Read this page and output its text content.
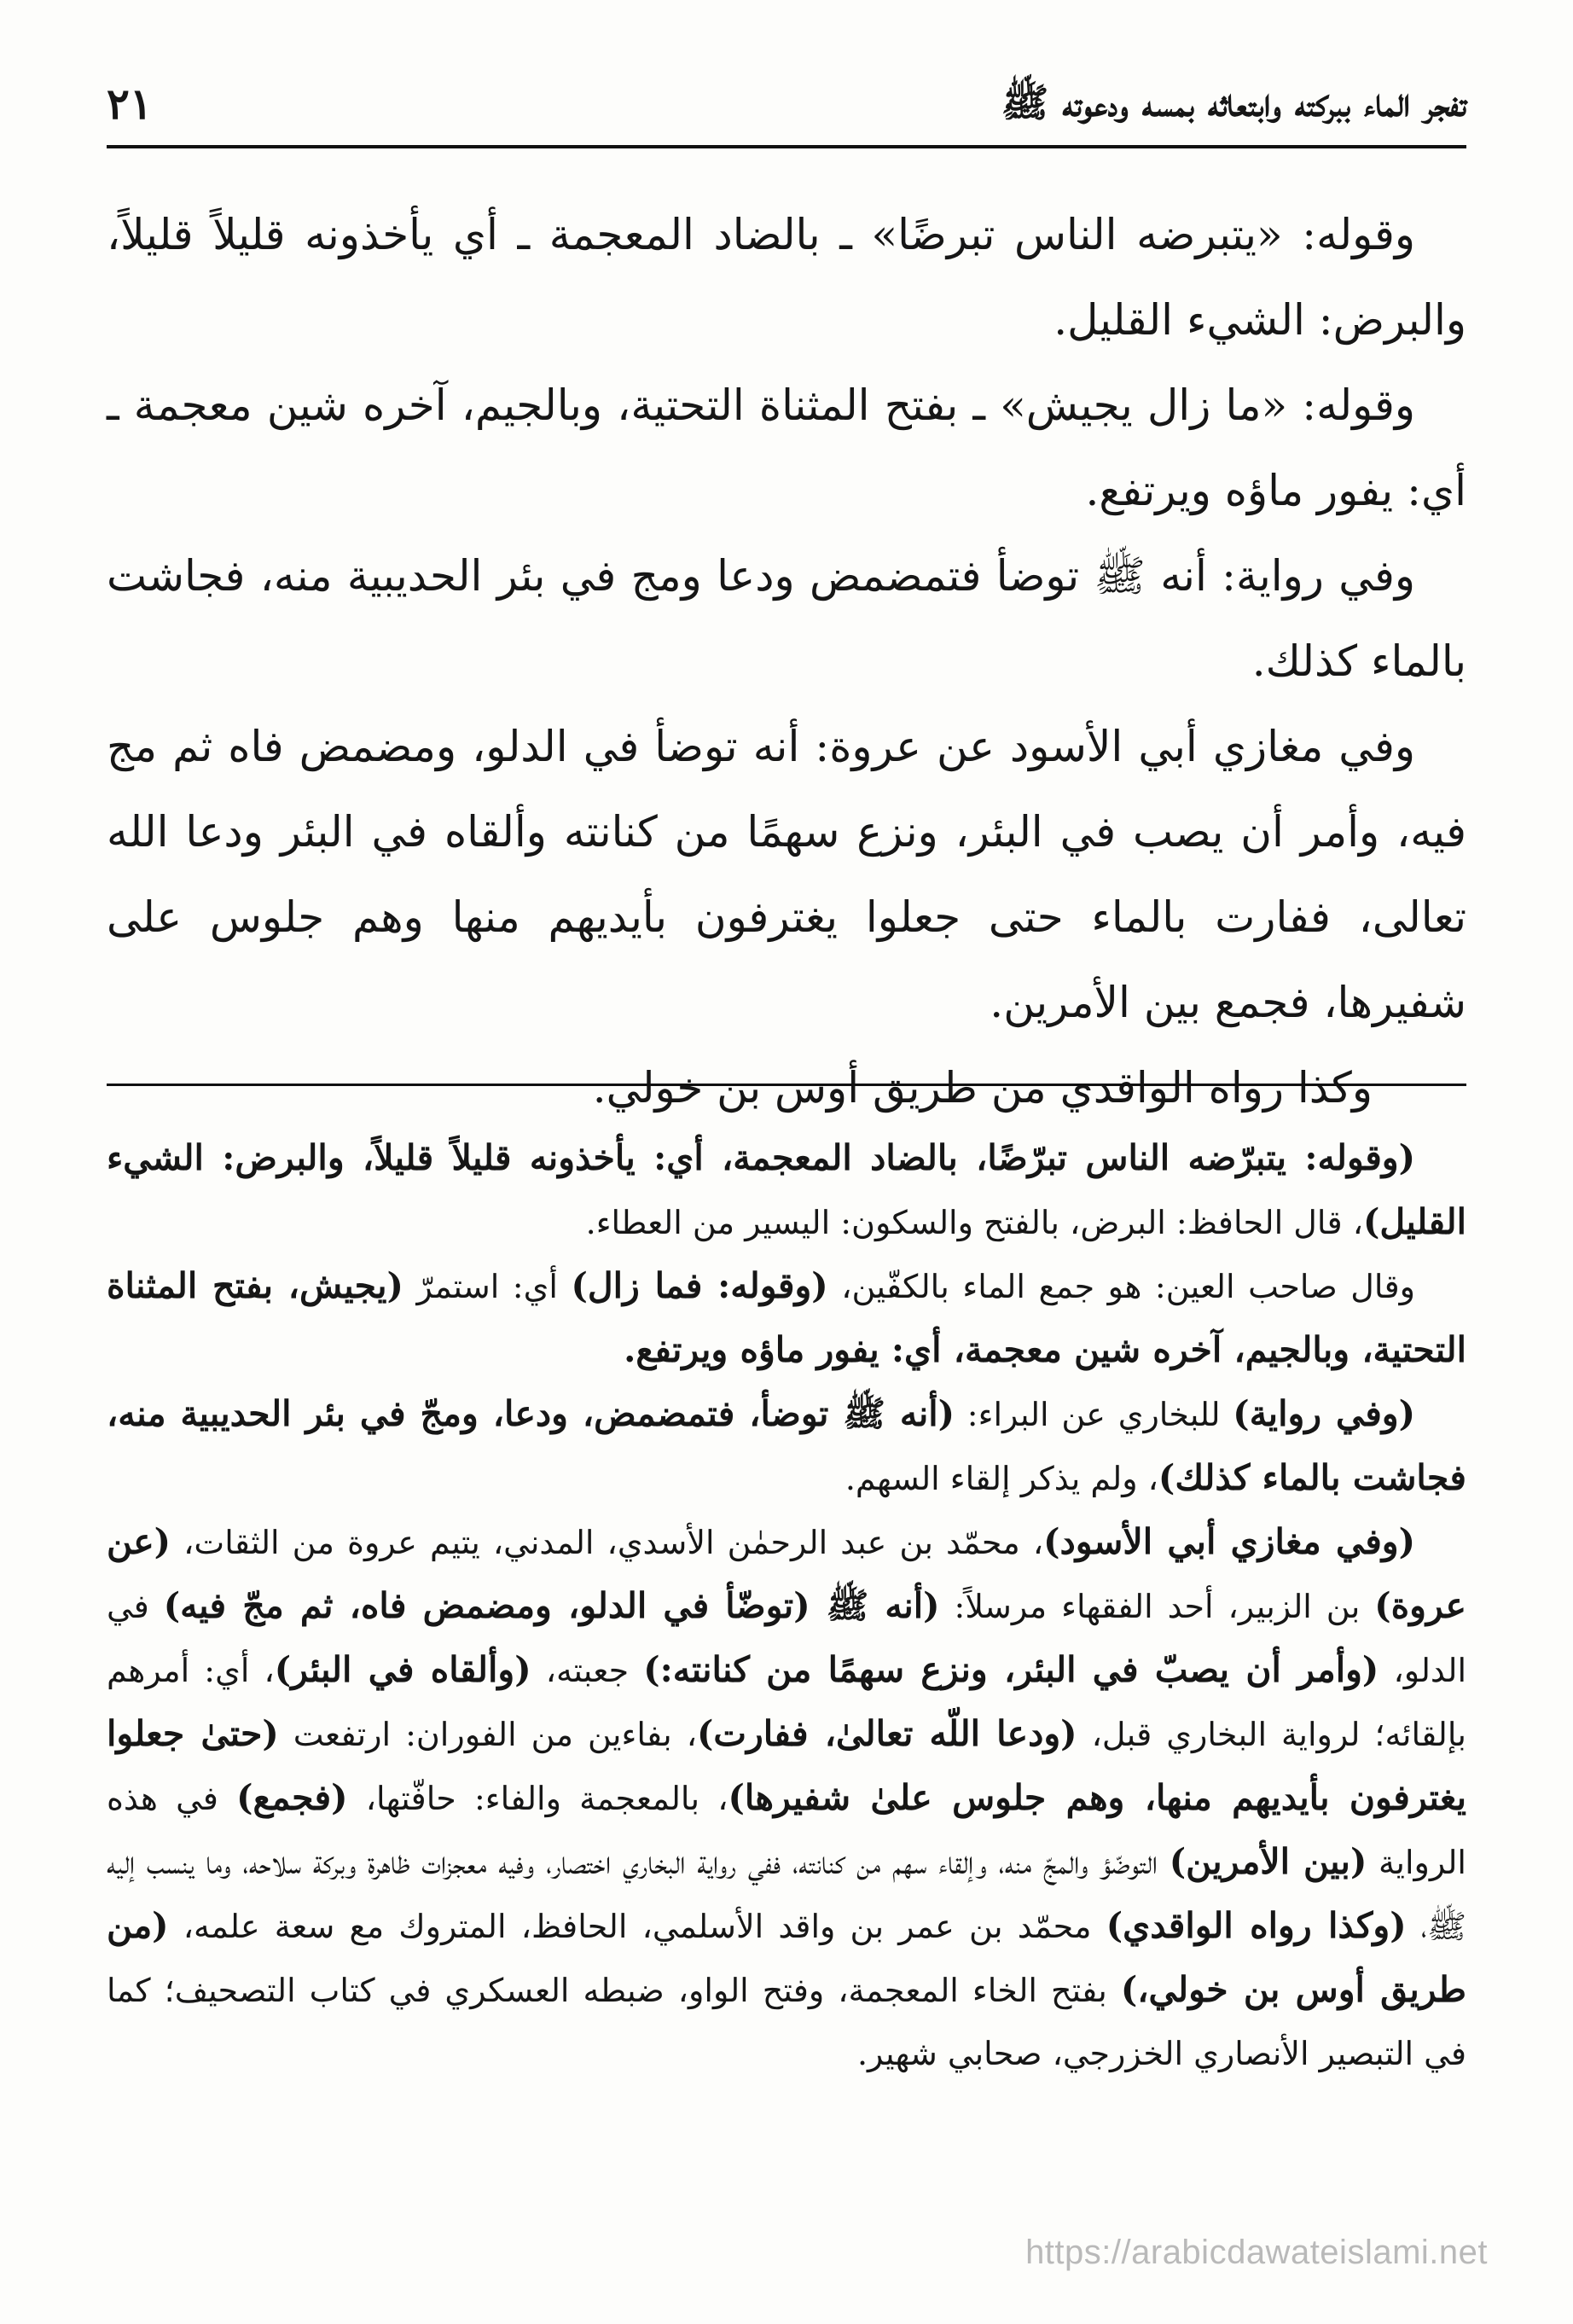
تفجر الماء ببركته وابتعاثه بمسه ودعوته ﷺ
٢١

وقوله: «يتبرضه الناس تبرضًا» ـ بالضاد المعجمة ـ أي يأخذونه قليلاً قليلاً، والبرض: الشيء القليل.

وقوله: «ما زال يجيش» ـ بفتح المثناة التحتية، وبالجيم، آخره شين معجمة ـ أي: يفور ماؤه ويرتفع.

وفي رواية: أنه ﷺ توضأ فتمضمض ودعا ومج في بئر الحديبية منه، فجاشت بالماء كذلك.

وفي مغازي أبي الأسود عن عروة: أنه توضأ في الدلو، ومضمض فاه ثم مج فيه، وأمر أن يصب في البئر، ونزع سهمًا من كنانته وألقاه في البئر ودعا الله تعالى، ففارت بالماء حتى جعلوا يغترفون بأيديهم منها وهم جلوس على شفيرها، فجمع بين الأمرين.

وكذا رواه الواقدي من طريق أوس بن خولي.

(وقوله: يتبرّضه الناس تبرّضًا، بالضاد المعجمة، أي: يأخذونه قليلاً قليلاً، والبرض: الشيء القليل)، قال الحافظ: البرض، بالفتح والسكون: اليسير من العطاء.

وقال صاحب العين: هو جمع الماء بالكفّين، (وقوله: فما زال) أي: استمرّ (يجيش، بفتح المثناة التحتية، وبالجيم، آخره شين معجمة، أي: يفور ماؤه ويرتفع.

(وفي رواية) للبخاري عن البراء: (أنه ﷺ توضأ، فتمضمض، ودعا، ومجّ في بئر الحديبية منه، فجاشت بالماء كذلك)، ولم يذكر إلقاء السهم.

(وفي مغازي أبي الأسود)، محمّد بن عبد الرحمٰن الأسدي، المدني، يتيم عروة من الثقات، (عن عروة) بن الزبير، أحد الفقهاء مرسلاً: (أنه ﷺ (توضّأ في الدلو، ومضمض فاه، ثم مجّ فيه) في الدلو، (وأمر أن يصبّ في البئر، ونزع سهمًا من كنانته:) جعبته، (وألقاه في البئر)، أي: أمرهم بإلقائه؛ لرواية البخاري قبل، (ودعا اللّه تعالىٰ، ففارت)، بفاءين من الفوران: ارتفعت (حتىٰ جعلوا يغترفون بأيديهم منها، وهم جلوس علىٰ شفيرها)، بالمعجمة والفاء: حافّتها، (فجمع) في هذه الرواية (بين الأمرين) التوضّؤ والمجّ منه، وإلقاء سهم من كنانته، ففي رواية البخاري اختصار، وفيه معجزات ظاهرة وبركة سلاحه، وما ينسب إليه ﷺ، (وكذا رواه الواقدي) محمّد بن عمر بن واقد الأسلمي، الحافظ، المتروك مع سعة علمه، (من طريق أوس بن خولي،) بفتح الخاء المعجمة، وفتح الواو، ضبطه العسكري في كتاب التصحيف؛ كما في التبصير الأنصاري الخزرجي، صحابي شهير.

https://arabicdawateislami.net
